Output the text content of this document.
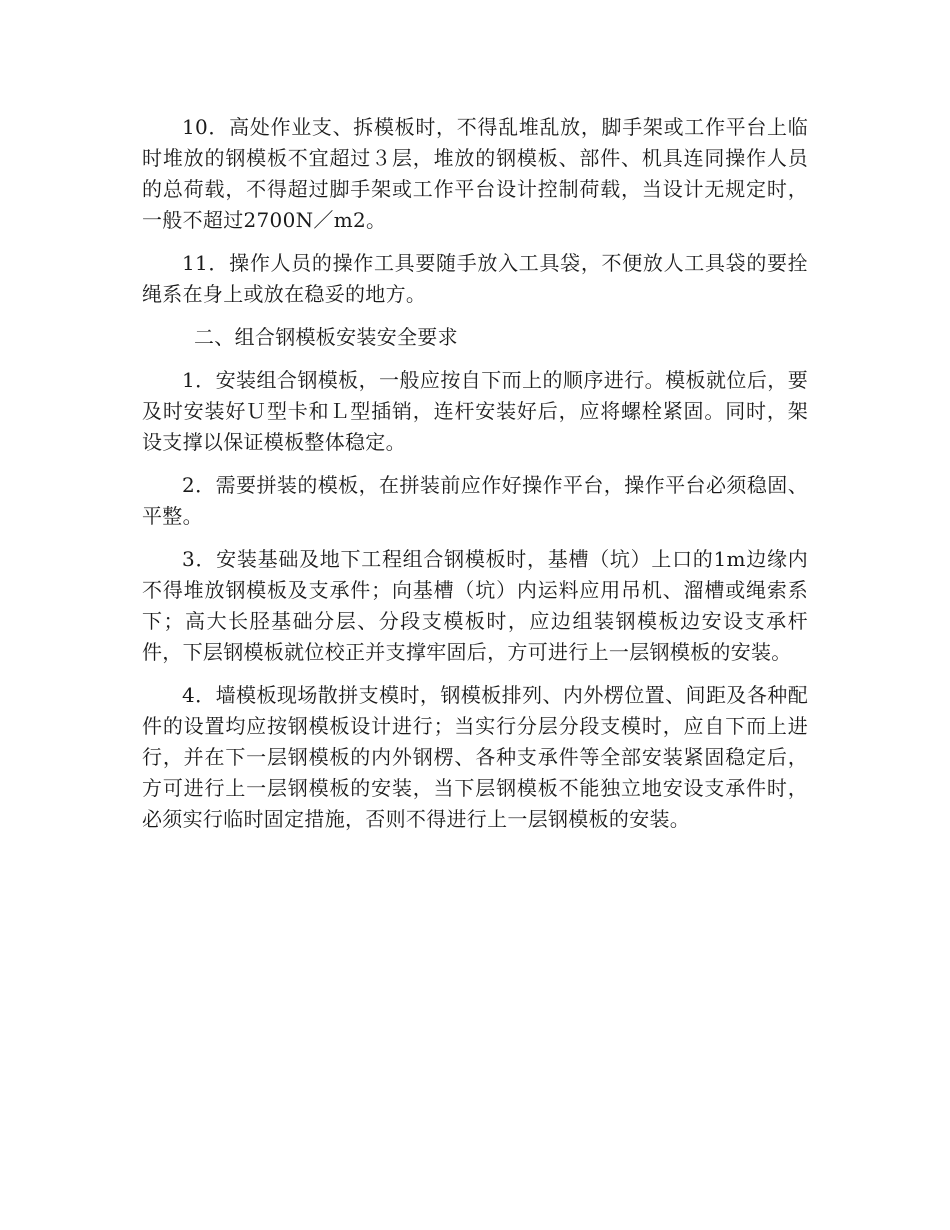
10．高处作业支、拆模板时，不得乱堆乱放，脚手架或工作平台上临时堆放的钢模板不宜超过３层，堆放的钢模板、部件、机具连同操作人员的总荷载，不得超过脚手架或工作平台设计控制荷载，当设计无规定时，一般不超过2700N／m2。

11．操作人员的操作工具要随手放入工具袋，不便放人工具袋的要拴绳系在身上或放在稳妥的地方。

二、组合钢模板安装安全要求

1．安装组合钢模板，一般应按自下而上的顺序进行。模板就位后，要及时安装好Ｕ型卡和Ｌ型插销，连杆安装好后，应将螺栓紧固。同时，架设支撑以保证模板整体稳定。

2．需要拼装的模板，在拼装前应作好操作平台，操作平台必须稳固、平整。

3．安装基础及地下工程组合钢模板时，基槽（坑）上口的1m边缘内不得堆放钢模板及支承件；向基槽（坑）内运料应用吊机、溜槽或绳索系下；高大长胫基础分层、分段支模板时，应边组装钢模板边安设支承杆件，下层钢模板就位校正并支撑牢固后，方可进行上一层钢模板的安装。

4．墙模板现场散拼支模时，钢模板排列、内外楞位置、间距及各种配件的设置均应按钢模板设计进行；当实行分层分段支模时，应自下而上进行，并在下一层钢模板的内外钢楞、各种支承件等全部安装紧固稳定后，方可进行上一层钢模板的安装，当下层钢模板不能独立地安设支承件时，必须实行临时固定措施，否则不得进行上一层钢模板的安装。
